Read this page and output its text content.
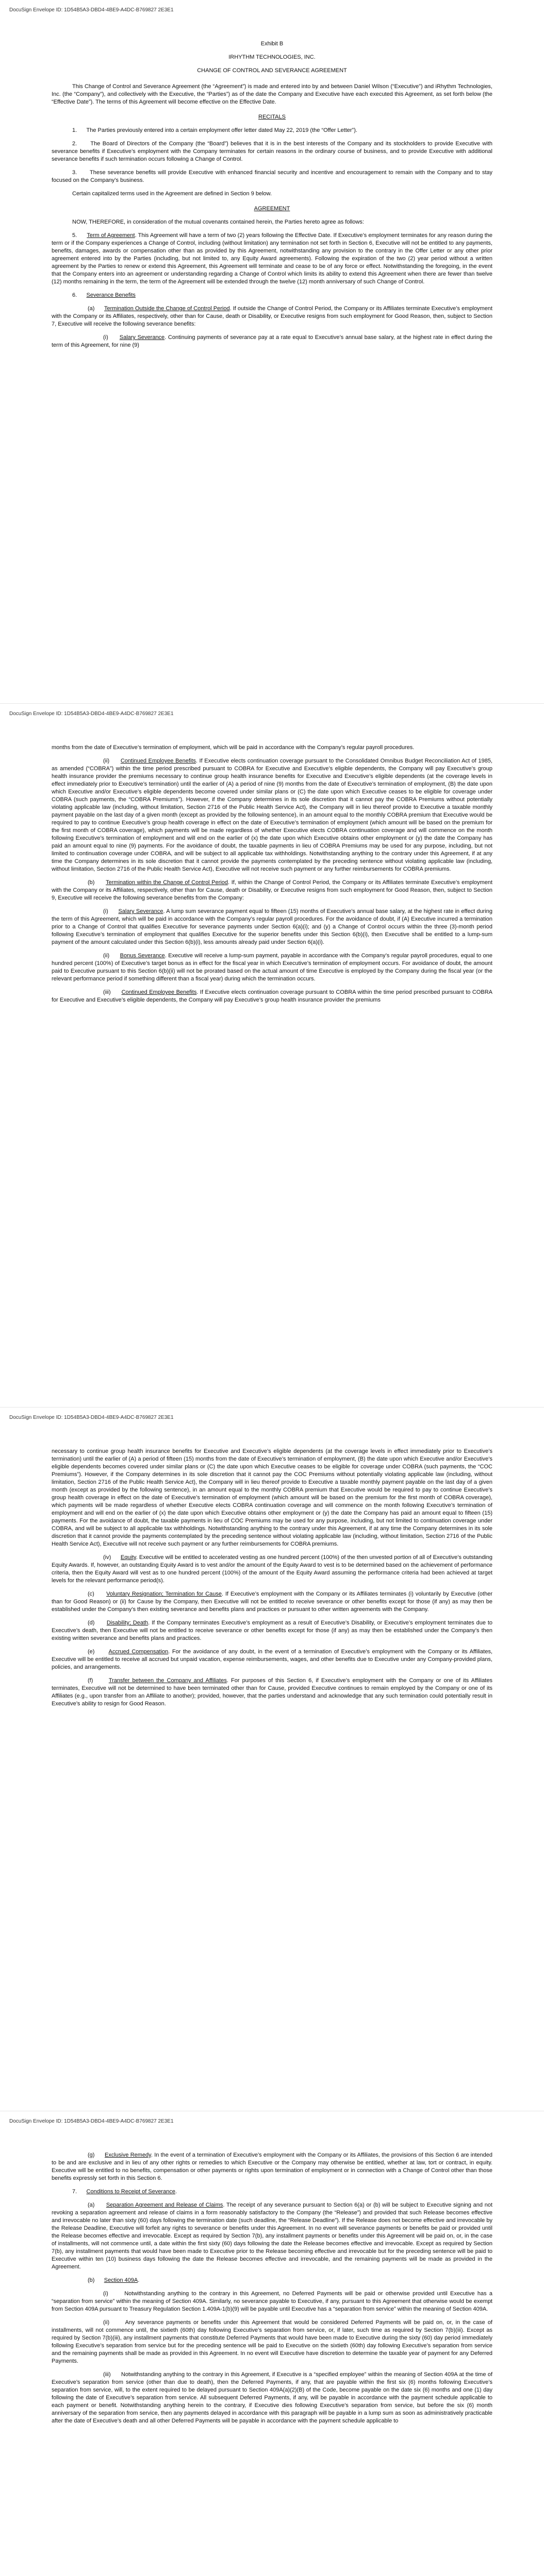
DocuSign Envelope ID: 1D54B5A3-DBD4-4BE9-A4DC-B769827 2E3E1

Exhibit B

IRHYTHM TECHNOLOGIES, INC.

CHANGE OF CONTROL AND SEVERANCE AGREEMENT

This Change of Control and Severance Agreement (the “Agreement”) is made and entered into by and between Daniel Wilson (“Executive”) and iRhythm Technologies, Inc. (the “Company”), and collectively with the Executive, the “Parties”) as of the date the Company and Executive have each executed this Agreement, as set forth below (the “Effective Date”). The terms of this Agreement will become effective on the Effective Date.

RECITALS

1.      The Parties previously entered into a certain employment offer letter dated May 22, 2019 (the “Offer Letter”).

2.      The Board of Directors of the Company (the “Board”) believes that it is in the best interests of the Company and its stockholders to provide Executive with severance benefits if Executive’s employment with the Company terminates for certain reasons in the ordinary course of business, and to provide Executive with additional severance benefits if such termination occurs following a Change of Control.

3.      These severance benefits will provide Executive with enhanced financial security and incentive and encouragement to remain with the Company and to stay focused on the Company’s business.

Certain capitalized terms used in the Agreement are defined in Section 9 below.

AGREEMENT

NOW, THEREFORE, in consideration of the mutual covenants contained herein, the Parties hereto agree as follows:

5.      Term of Agreement. This Agreement will have a term of two (2) years following the Effective Date. If Executive’s employment terminates for any reason during the term or if the Company experiences a Change of Control, including (without limitation) any termination not set forth in Section 6, Executive will not be entitled to any payments, benefits, damages, awards or compensation other than as provided by this Agreement, notwithstanding any provision to the contrary in the Offer Letter or any other prior agreement entered into by the Parties (including, but not limited to, any Equity Award agreements). Following the expiration of the two (2) year period without a written agreement by the Parties to renew or extend this Agreement, this Agreement will terminate and cease to be of any force or effect. Notwithstanding the foregoing, in the event that the Company enters into an agreement or understanding regarding a Change of Control which limits its ability to extend this Agreement when there are fewer than twelve (12) months remaining in the term, the term of the Agreement will be extended through the twelve (12) month anniversary of such Change of Control.

6.      Severance Benefits

(a)      Termination Outside the Change of Control Period. If outside the Change of Control Period, the Company or its Affiliates terminate Executive’s employment with the Company or its Affiliates, respectively, other than for Cause, death or Disability, or Executive resigns from such employment for Good Reason, then, subject to Section 7, Executive will receive the following severance benefits:

(i)      Salary Severance. Continuing payments of severance pay at a rate equal to Executive’s annual base salary, at the highest rate in effect during the term of this Agreement, for nine (9)

DocuSign Envelope ID: 1D54B5A3-DBD4-4BE9-A4DC-B769827 2E3E1

months from the date of Executive’s termination of employment, which will be paid in accordance with the Company’s regular payroll procedures.

(ii)      Continued Employee Benefits. If Executive elects continuation coverage pursuant to the Consolidated Omnibus Budget Reconciliation Act of 1985, as amended (“COBRA”) within the time period prescribed pursuant to COBRA for Executive and Executive’s eligible dependents, the Company will pay Executive’s group health insurance provider the premiums necessary to continue group health insurance benefits for Executive and Executive’s eligible dependents (at the coverage levels in effect immediately prior to Executive’s termination) until the earlier of (A) a period of nine (9) months from the date of Executive’s termination of employment, (B) the date upon which Executive and/or Executive’s eligible dependents become covered under similar plans or (C) the date upon which Executive ceases to be eligible for coverage under COBRA (such payments, the “COBRA Premiums”). However, if the Company determines in its sole discretion that it cannot pay the COBRA Premiums without potentially violating applicable law (including, without limitation, Section 2716 of the Public Health Service Act), the Company will in lieu thereof provide to Executive a taxable monthly payment payable on the last day of a given month (except as provided by the following sentence), in an amount equal to the monthly COBRA premium that Executive would be required to pay to continue Executive’s group health coverage in effect on the date of Executive’s termination of employment (which amount will be based on the premium for the first month of COBRA coverage), which payments will be made regardless of whether Executive elects COBRA continuation coverage and will commence on the month following Executive’s termination of employment and will end on the earlier of (x) the date upon which Executive obtains other employment or (y) the date the Company has paid an amount equal to nine (9) payments. For the avoidance of doubt, the taxable payments in lieu of COBRA Premiums may be used for any purpose, including, but not limited to continuation coverage under COBRA, and will be subject to all applicable tax withholdings. Notwithstanding anything to the contrary under this Agreement, if at any time the Company determines in its sole discretion that it cannot provide the payments contemplated by the preceding sentence without violating applicable law (including, without limitation, Section 2716 of the Public Health Service Act), Executive will not receive such payment or any further reimbursements for COBRA premiums.

(b)      Termination within the Change of Control Period. If, within the Change of Control Period, the Company or its Affiliates terminate Executive’s employment with the Company or its Affiliates, respectively, other than for Cause, death or Disability, or Executive resigns from such employment for Good Reason, then, subject to Section 9, Executive will receive the following severance benefits from the Company:

(i)      Salary Severance. A lump sum severance payment equal to fifteen (15) months of Executive’s annual base salary, at the highest rate in effect during the term of this Agreement, which will be paid in accordance with the Company’s regular payroll procedures. For the avoidance of doubt, if (A) Executive incurred a termination prior to a Change of Control that qualifies Executive for severance payments under Section 6(a)(i); and (y) a Change of Control occurs within the three (3)-month period following Executive’s termination of employment that qualifies Executive for the superior benefits under this Section 6(b)(i), then Executive shall be entitled to a lump-sum payment of the amount calculated under this Section 6(b)(i), less amounts already paid under Section 6(a)(i).

(ii)      Bonus Severance. Executive will receive a lump-sum payment, payable in accordance with the Company’s regular payroll procedures, equal to one hundred percent (100%) of Executive’s target bonus as in effect for the fiscal year in which Executive’s termination of employment occurs. For avoidance of doubt, the amount paid to Executive pursuant to this Section 6(b)(ii) will not be prorated based on the actual amount of time Executive is employed by the Company during the fiscal year (or the relevant performance period if something different than a fiscal year) during which the termination occurs.

(iii)      Continued Employee Benefits. If Executive elects continuation coverage pursuant to COBRA within the time period prescribed pursuant to COBRA for Executive and Executive’s eligible dependents, the Company will pay Executive’s group health insurance provider the premiums

DocuSign Envelope ID: 1D54B5A3-DBD4-4BE9-A4DC-B769827 2E3E1

necessary to continue group health insurance benefits for Executive and Executive’s eligible dependents (at the coverage levels in effect immediately prior to Executive’s termination) until the earlier of (A) a period of fifteen (15) months from the date of Executive’s termination of employment, (B) the date upon which Executive and/or Executive’s eligible dependents becomes covered under similar plans or (C) the date upon which Executive ceases to be eligible for coverage under COBRA (such payments, the “COC Premiums”). However, if the Company determines in its sole discretion that it cannot pay the COC Premiums without potentially violating applicable law (including, without limitation, Section 2716 of the Public Health Service Act), the Company will in lieu thereof provide to Executive a taxable monthly payment payable on the last day of a given month (except as provided by the following sentence), in an amount equal to the monthly COBRA premium that Executive would be required to pay to continue Executive’s group health coverage in effect on the date of Executive’s termination of employment (which amount will be based on the premium for the first month of COBRA coverage), which payments will be made regardless of whether Executive elects COBRA continuation coverage and will commence on the month following Executive’s termination of employment and will end on the earlier of (x) the date upon which Executive obtains other employment or (y) the date the Company has paid an amount equal to fifteen (15) payments. For the avoidance of doubt, the taxable payments in lieu of COC Premiums may be used for any purpose, including, but not limited to continuation coverage under COBRA, and will be subject to all applicable tax withholdings. Notwithstanding anything to the contrary under this Agreement, if at any time the Company determines in its sole discretion that it cannot provide the payments contemplated by the preceding sentence without violating applicable law (including, without limitation, Section 2716 of the Public Health Service Act), Executive will not receive such payment or any further reimbursements for COBRA premiums.

(iv)      Equity. Executive will be entitled to accelerated vesting as one hundred percent (100%) of the then unvested portion of all of Executive’s outstanding Equity Awards. If, however, an outstanding Equity Award is to vest and/or the amount of the Equity Award to vest is to be determined based on the achievement of performance criteria, then the Equity Award will vest as to one hundred percent (100%) of the amount of the Equity Award assuming the performance criteria had been achieved at target levels for the relevant performance period(s).

(c)      Voluntary Resignation; Termination for Cause. If Executive’s employment with the Company or its Affiliates terminates (i) voluntarily by Executive (other than for Good Reason) or (ii) for Cause by the Company, then Executive will not be entitled to receive severance or other benefits except for those (if any) as may then be established under the Company’s then existing severance and benefits plans and practices or pursuant to other written agreements with the Company.

(d)      Disability; Death. If the Company terminates Executive’s employment as a result of Executive’s Disability, or Executive’s employment terminates due to Executive’s death, then Executive will not be entitled to receive severance or other benefits except for those (if any) as may then be established under the Company’s then existing written severance and benefits plans and practices.

(e)      Accrued Compensation. For the avoidance of any doubt, in the event of a termination of Executive’s employment with the Company or its Affiliates, Executive will be entitled to receive all accrued but unpaid vacation, expense reimbursements, wages, and other benefits due to Executive under any Company-provided plans, policies, and arrangements.

(f)      Transfer between the Company and Affiliates. For purposes of this Section 6, if Executive’s employment with the Company or one of its Affiliates terminates, Executive will not be determined to have been terminated other than for Cause, provided Executive continues to remain employed by the Company or one of its Affiliates (e.g., upon transfer from an Affiliate to another); provided, however, that the parties understand and acknowledge that any such termination could potentially result in Executive’s ability to resign for Good Reason.

DocuSign Envelope ID: 1D54B5A3-DBD4-4BE9-A4DC-B769827 2E3E1

(g)      Exclusive Remedy. In the event of a termination of Executive’s employment with the Company or its Affiliates, the provisions of this Section 6 are intended to be and are exclusive and in lieu of any other rights or remedies to which Executive or the Company may otherwise be entitled, whether at law, tort or contract, in equity. Executive will be entitled to no benefits, compensation or other payments or rights upon termination of employment or in connection with a Change of Control other than those benefits expressly set forth in this Section 6.

7.      Conditions to Receipt of Severance.

(a)      Separation Agreement and Release of Claims. The receipt of any severance pursuant to Section 6(a) or (b) will be subject to Executive signing and not revoking a separation agreement and release of claims in a form reasonably satisfactory to the Company (the “Release”) and provided that such Release becomes effective and irrevocable no later than sixty (60) days following the termination date (such deadline, the “Release Deadline”). If the Release does not become effective and irrevocable by the Release Deadline, Executive will forfeit any rights to severance or benefits under this Agreement. In no event will severance payments or benefits be paid or provided until the Release becomes effective and irrevocable. Except as required by Section 7(b), any installment payments or benefits under this Agreement will be paid on, or, in the case of installments, will not commence until, a date within the first sixty (60) days following the date the Release becomes effective and irrevocable. Except as required by Section 7(b), any installment payments that would have been made to Executive prior to the Release becoming effective and irrevocable but for the preceding sentence will be paid to Executive within ten (10) business days following the date the Release becomes effective and irrevocable, and the remaining payments will be made as provided in the Agreement.

(b)      Section 409A.

(i)      Notwithstanding anything to the contrary in this Agreement, no Deferred Payments will be paid or otherwise provided until Executive has a “separation from service” within the meaning of Section 409A. Similarly, no severance payable to Executive, if any, pursuant to this Agreement that otherwise would be exempt from Section 409A pursuant to Treasury Regulation Section 1.409A-1(b)(9) will be payable until Executive has a “separation from service” within the meaning of Section 409A.

(ii)      Any severance payments or benefits under this Agreement that would be considered Deferred Payments will be paid on, or, in the case of installments, will not commence until, the sixtieth (60th) day following Executive’s separation from service, or, if later, such time as required by Section 7(b)(iii). Except as required by Section 7(b)(iii), any installment payments that constitute Deferred Payments that would have been made to Executive during the sixty (60) day period immediately following Executive’s separation from service but for the preceding sentence will be paid to Executive on the sixtieth (60th) day following Executive’s separation from service and the remaining payments shall be made as provided in this Agreement. In no event will Executive have discretion to determine the taxable year of payment for any Deferred Payments.

(iii)      Notwithstanding anything to the contrary in this Agreement, if Executive is a “specified employee” within the meaning of Section 409A at the time of Executive’s separation from service (other than due to death), then the Deferred Payments, if any, that are payable within the first six (6) months following Executive’s separation from service, will, to the extent required to be delayed pursuant to Section 409A(a)(2)(B) of the Code, become payable on the date six (6) months and one (1) day following the date of Executive’s separation from service. All subsequent Deferred Payments, if any, will be payable in accordance with the payment schedule applicable to each payment or benefit. Notwithstanding anything herein to the contrary, if Executive dies following Executive’s separation from service, but before the six (6) month anniversary of the separation from service, then any payments delayed in accordance with this paragraph will be payable in a lump sum as soon as administratively practicable after the date of Executive’s death and all other Deferred Payments will be payable in accordance with the payment schedule applicable to
